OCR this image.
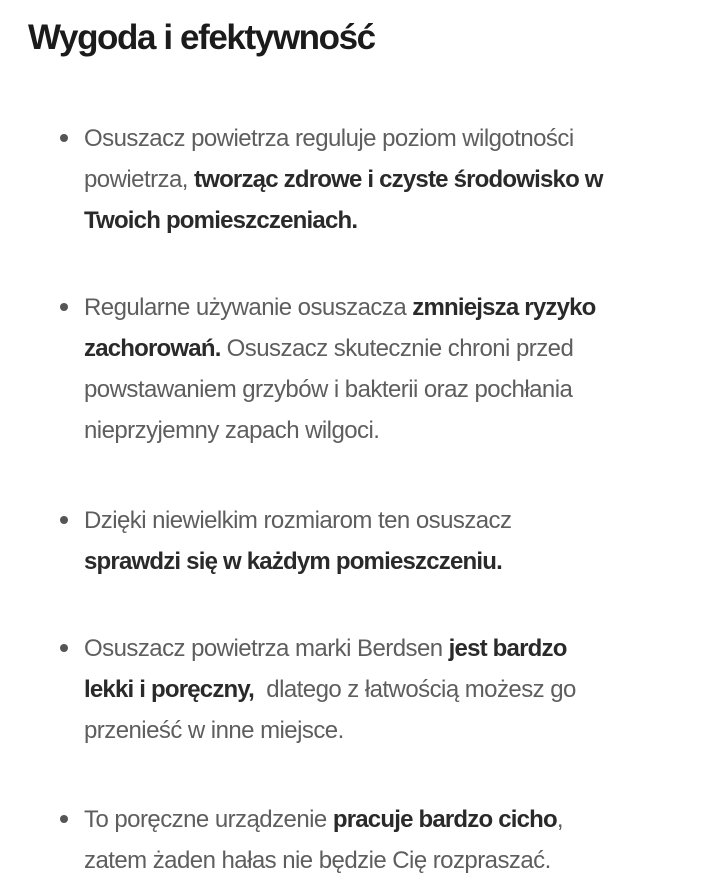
Wygoda i efektywność
Osuszacz powietrza reguluje poziom wilgotności
powietrza, tworząc zdrowe i czyste środowisko w
Twoich pomieszczeniach.
Regularne używanie osuszacza zmniejsza ryzyko
zachorowań. Osuszacz skutecznie chroni przed
powstawaniem grzybów i bakterii oraz pochłania
nieprzyjemny zapach wilgoci.
Dzięki niewielkim rozmiarom ten osuszacz
sprawdzi się w każdym pomieszczeniu.
Osuszacz powietrza marki Berdsen jest bardzo
lekki i poręczny,  dlatego z łatwością możesz go
przenieść w inne miejsce.
To poręczne urządzenie pracuje bardzo cicho,
zatem żaden hałas nie będzie Cię rozpraszać.
